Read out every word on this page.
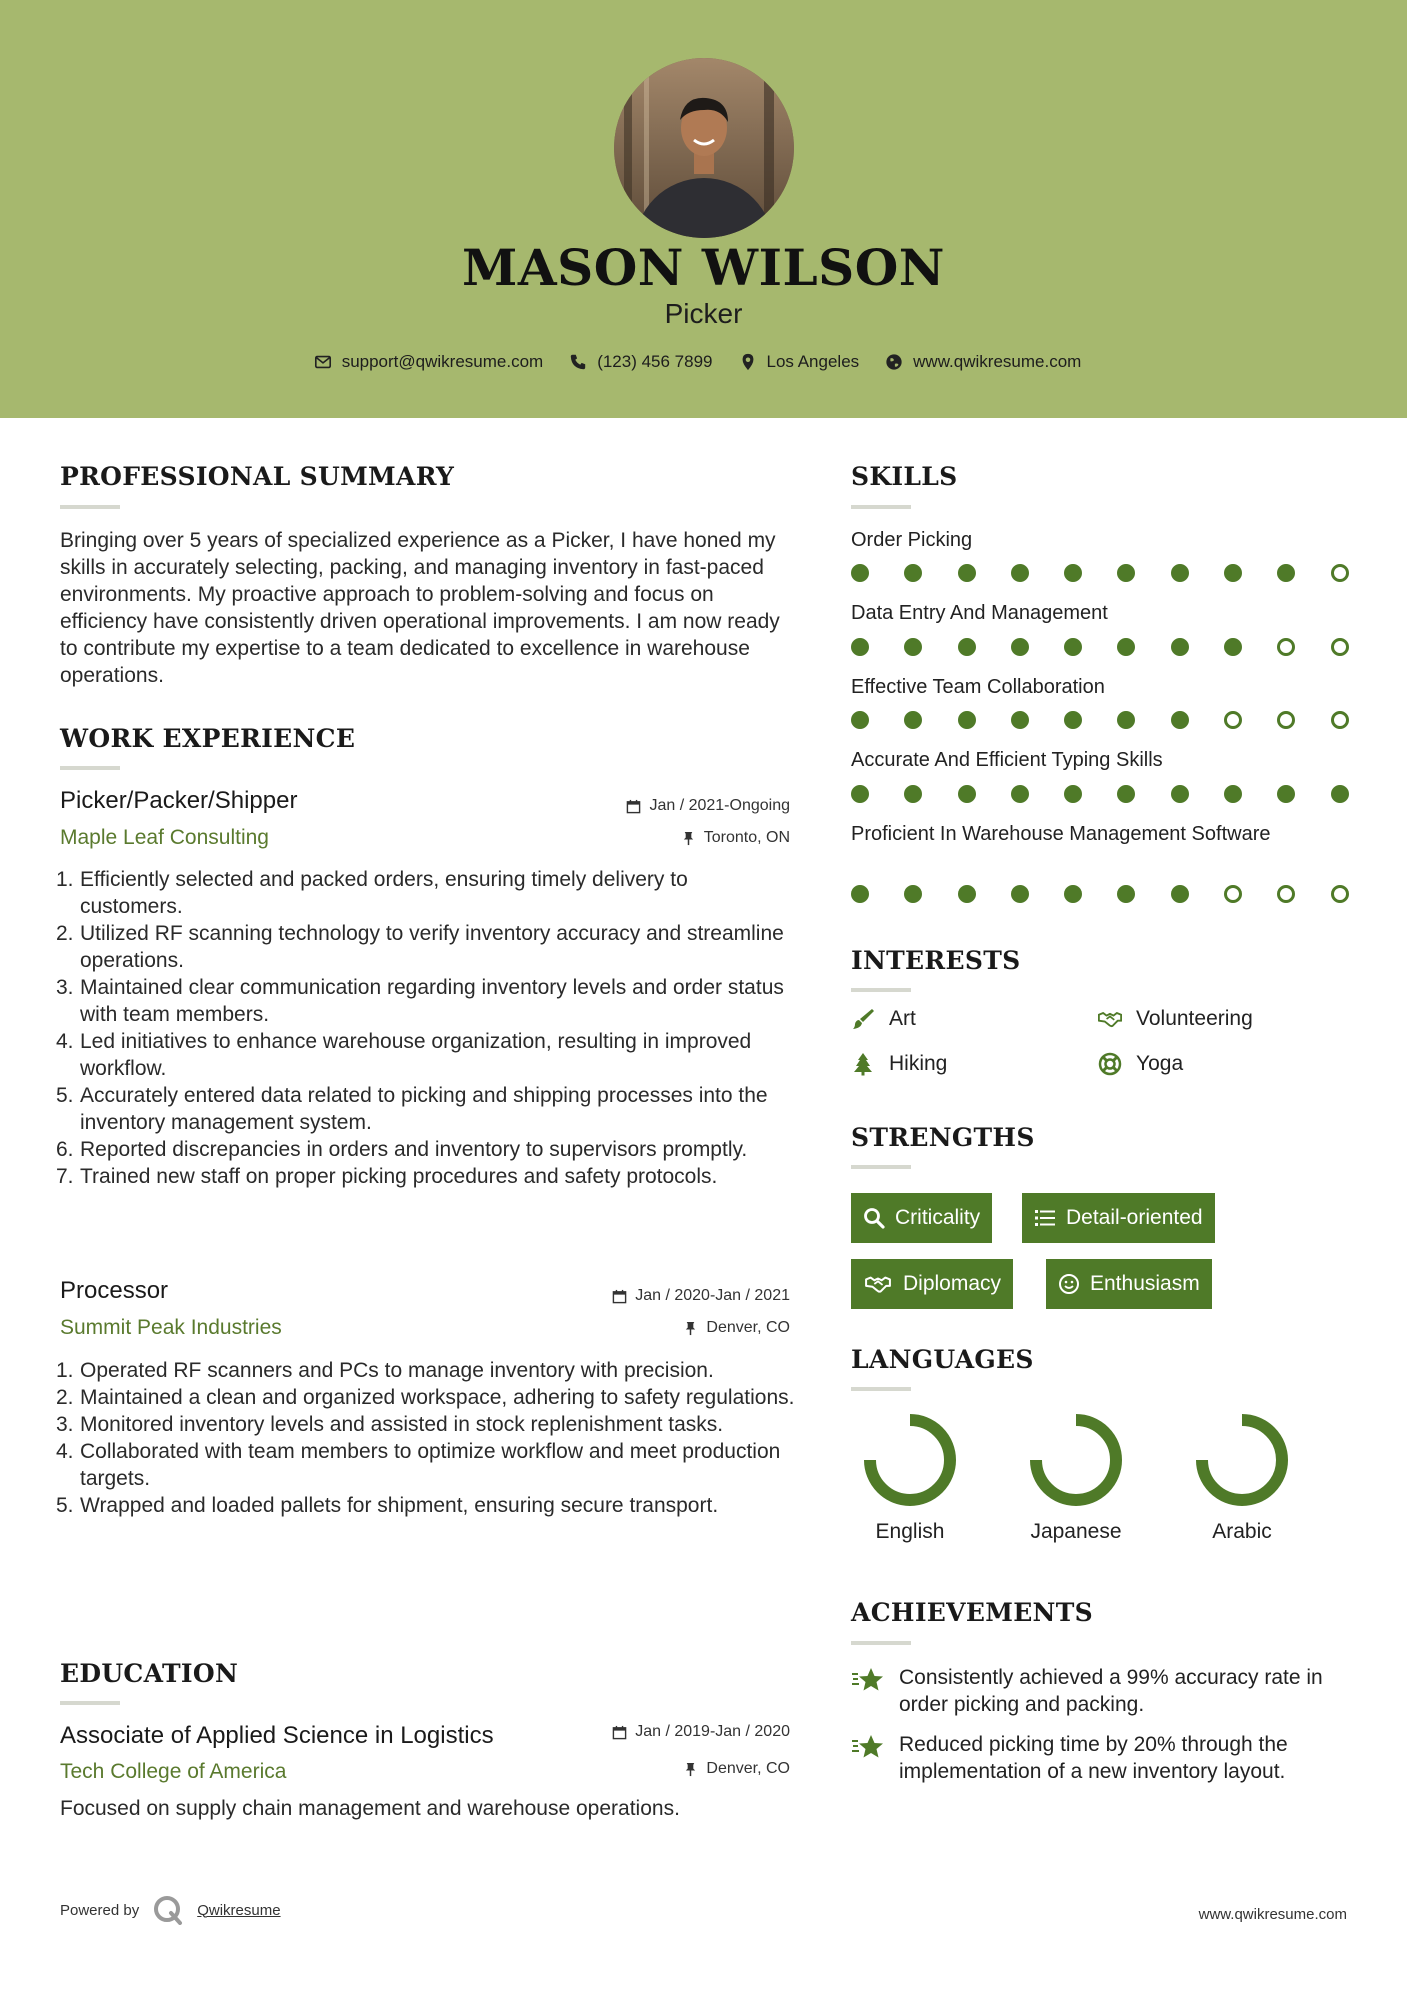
MASON WILSON
Picker
support@qwikresume.com	(123) 456 7899	Los Angeles	www.qwikresume.com
PROFESSIONAL SUMMARY
Bringing over 5 years of specialized experience as a Picker, I have honed my skills in accurately selecting, packing, and managing inventory in fast-paced environments. My proactive approach to problem-solving and focus on efficiency have consistently driven operational improvements. I am now ready to contribute my expertise to a team dedicated to excellence in warehouse operations.
WORK EXPERIENCE
Picker/Packer/Shipper	Jan / 2021-Ongoing
Maple Leaf Consulting	Toronto, ON
1. Efficiently selected and packed orders, ensuring timely delivery to customers.
2. Utilized RF scanning technology to verify inventory accuracy and streamline operations.
3. Maintained clear communication regarding inventory levels and order status with team members.
4. Led initiatives to enhance warehouse organization, resulting in improved workflow.
5. Accurately entered data related to picking and shipping processes into the inventory management system.
6. Reported discrepancies in orders and inventory to supervisors promptly.
7. Trained new staff on proper picking procedures and safety protocols.
Processor	Jan / 2020-Jan / 2021
Summit Peak Industries	Denver, CO
1. Operated RF scanners and PCs to manage inventory with precision.
2. Maintained a clean and organized workspace, adhering to safety regulations.
3. Monitored inventory levels and assisted in stock replenishment tasks.
4. Collaborated with team members to optimize workflow and meet production targets.
5. Wrapped and loaded pallets for shipment, ensuring secure transport.
EDUCATION
Associate of Applied Science in Logistics	Jan / 2019-Jan / 2020
Tech College of America	Denver, CO
Focused on supply chain management and warehouse operations.
SKILLS
Order Picking
Data Entry And Management
Effective Team Collaboration
Accurate And Efficient Typing Skills
Proficient In Warehouse Management Software
INTERESTS
Art	Volunteering
Hiking	Yoga
STRENGTHS
Criticality	Detail-oriented
Diplomacy	Enthusiasm
LANGUAGES
English	Japanese	Arabic
ACHIEVEMENTS
Consistently achieved a 99% accuracy rate in order picking and packing.
Reduced picking time by 20% through the implementation of a new inventory layout.
Powered by	Qwikresume	www.qwikresume.com
